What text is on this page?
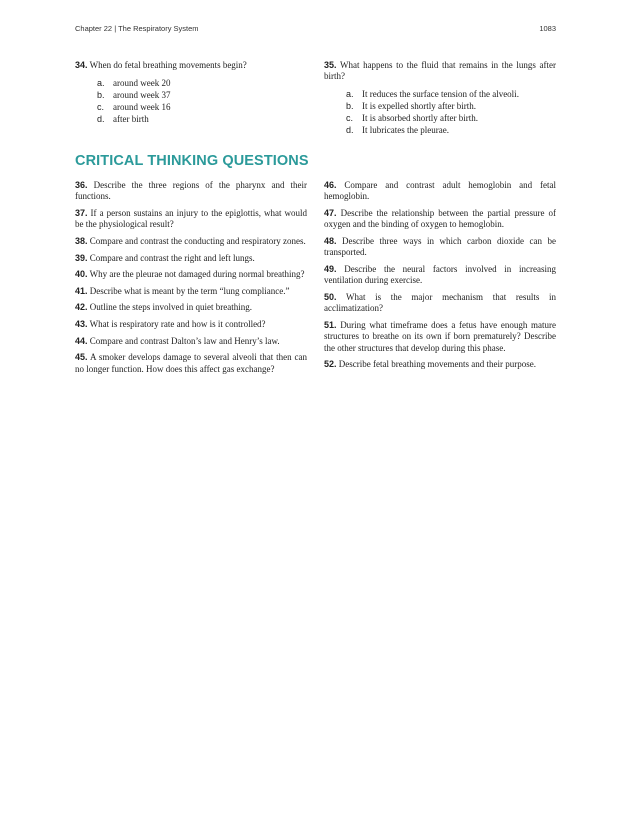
Chapter 22 | The Respiratory System	1083

34. When do fetal breathing movements begin?

a. around week 20
b. around week 37
c. around week 16
d. after birth

35. What happens to the fluid that remains in the lungs after birth?

a. It reduces the surface tension of the alveoli.
b. It is expelled shortly after birth.
c. It is absorbed shortly after birth.
d. It lubricates the pleurae.
CRITICAL THINKING QUESTIONS

36. Describe the three regions of the pharynx and their functions.

37. If a person sustains an injury to the epiglottis, what would be the physiological result?

38. Compare and contrast the conducting and respiratory zones.

39. Compare and contrast the right and left lungs.

40. Why are the pleurae not damaged during normal breathing?

41. Describe what is meant by the term “lung compliance.”

42. Outline the steps involved in quiet breathing.

43. What is respiratory rate and how is it controlled?

44. Compare and contrast Dalton’s law and Henry’s law.

45. A smoker develops damage to several alveoli that then can no longer function. How does this affect gas exchange?

46. Compare and contrast adult hemoglobin and fetal hemoglobin.

47. Describe the relationship between the partial pressure of oxygen and the binding of oxygen to hemoglobin.

48. Describe three ways in which carbon dioxide can be transported.

49. Describe the neural factors involved in increasing ventilation during exercise.

50. What is the major mechanism that results in acclimatization?

51. During what timeframe does a fetus have enough mature structures to breathe on its own if born prematurely? Describe the other structures that develop during this phase.

52. Describe fetal breathing movements and their purpose.
